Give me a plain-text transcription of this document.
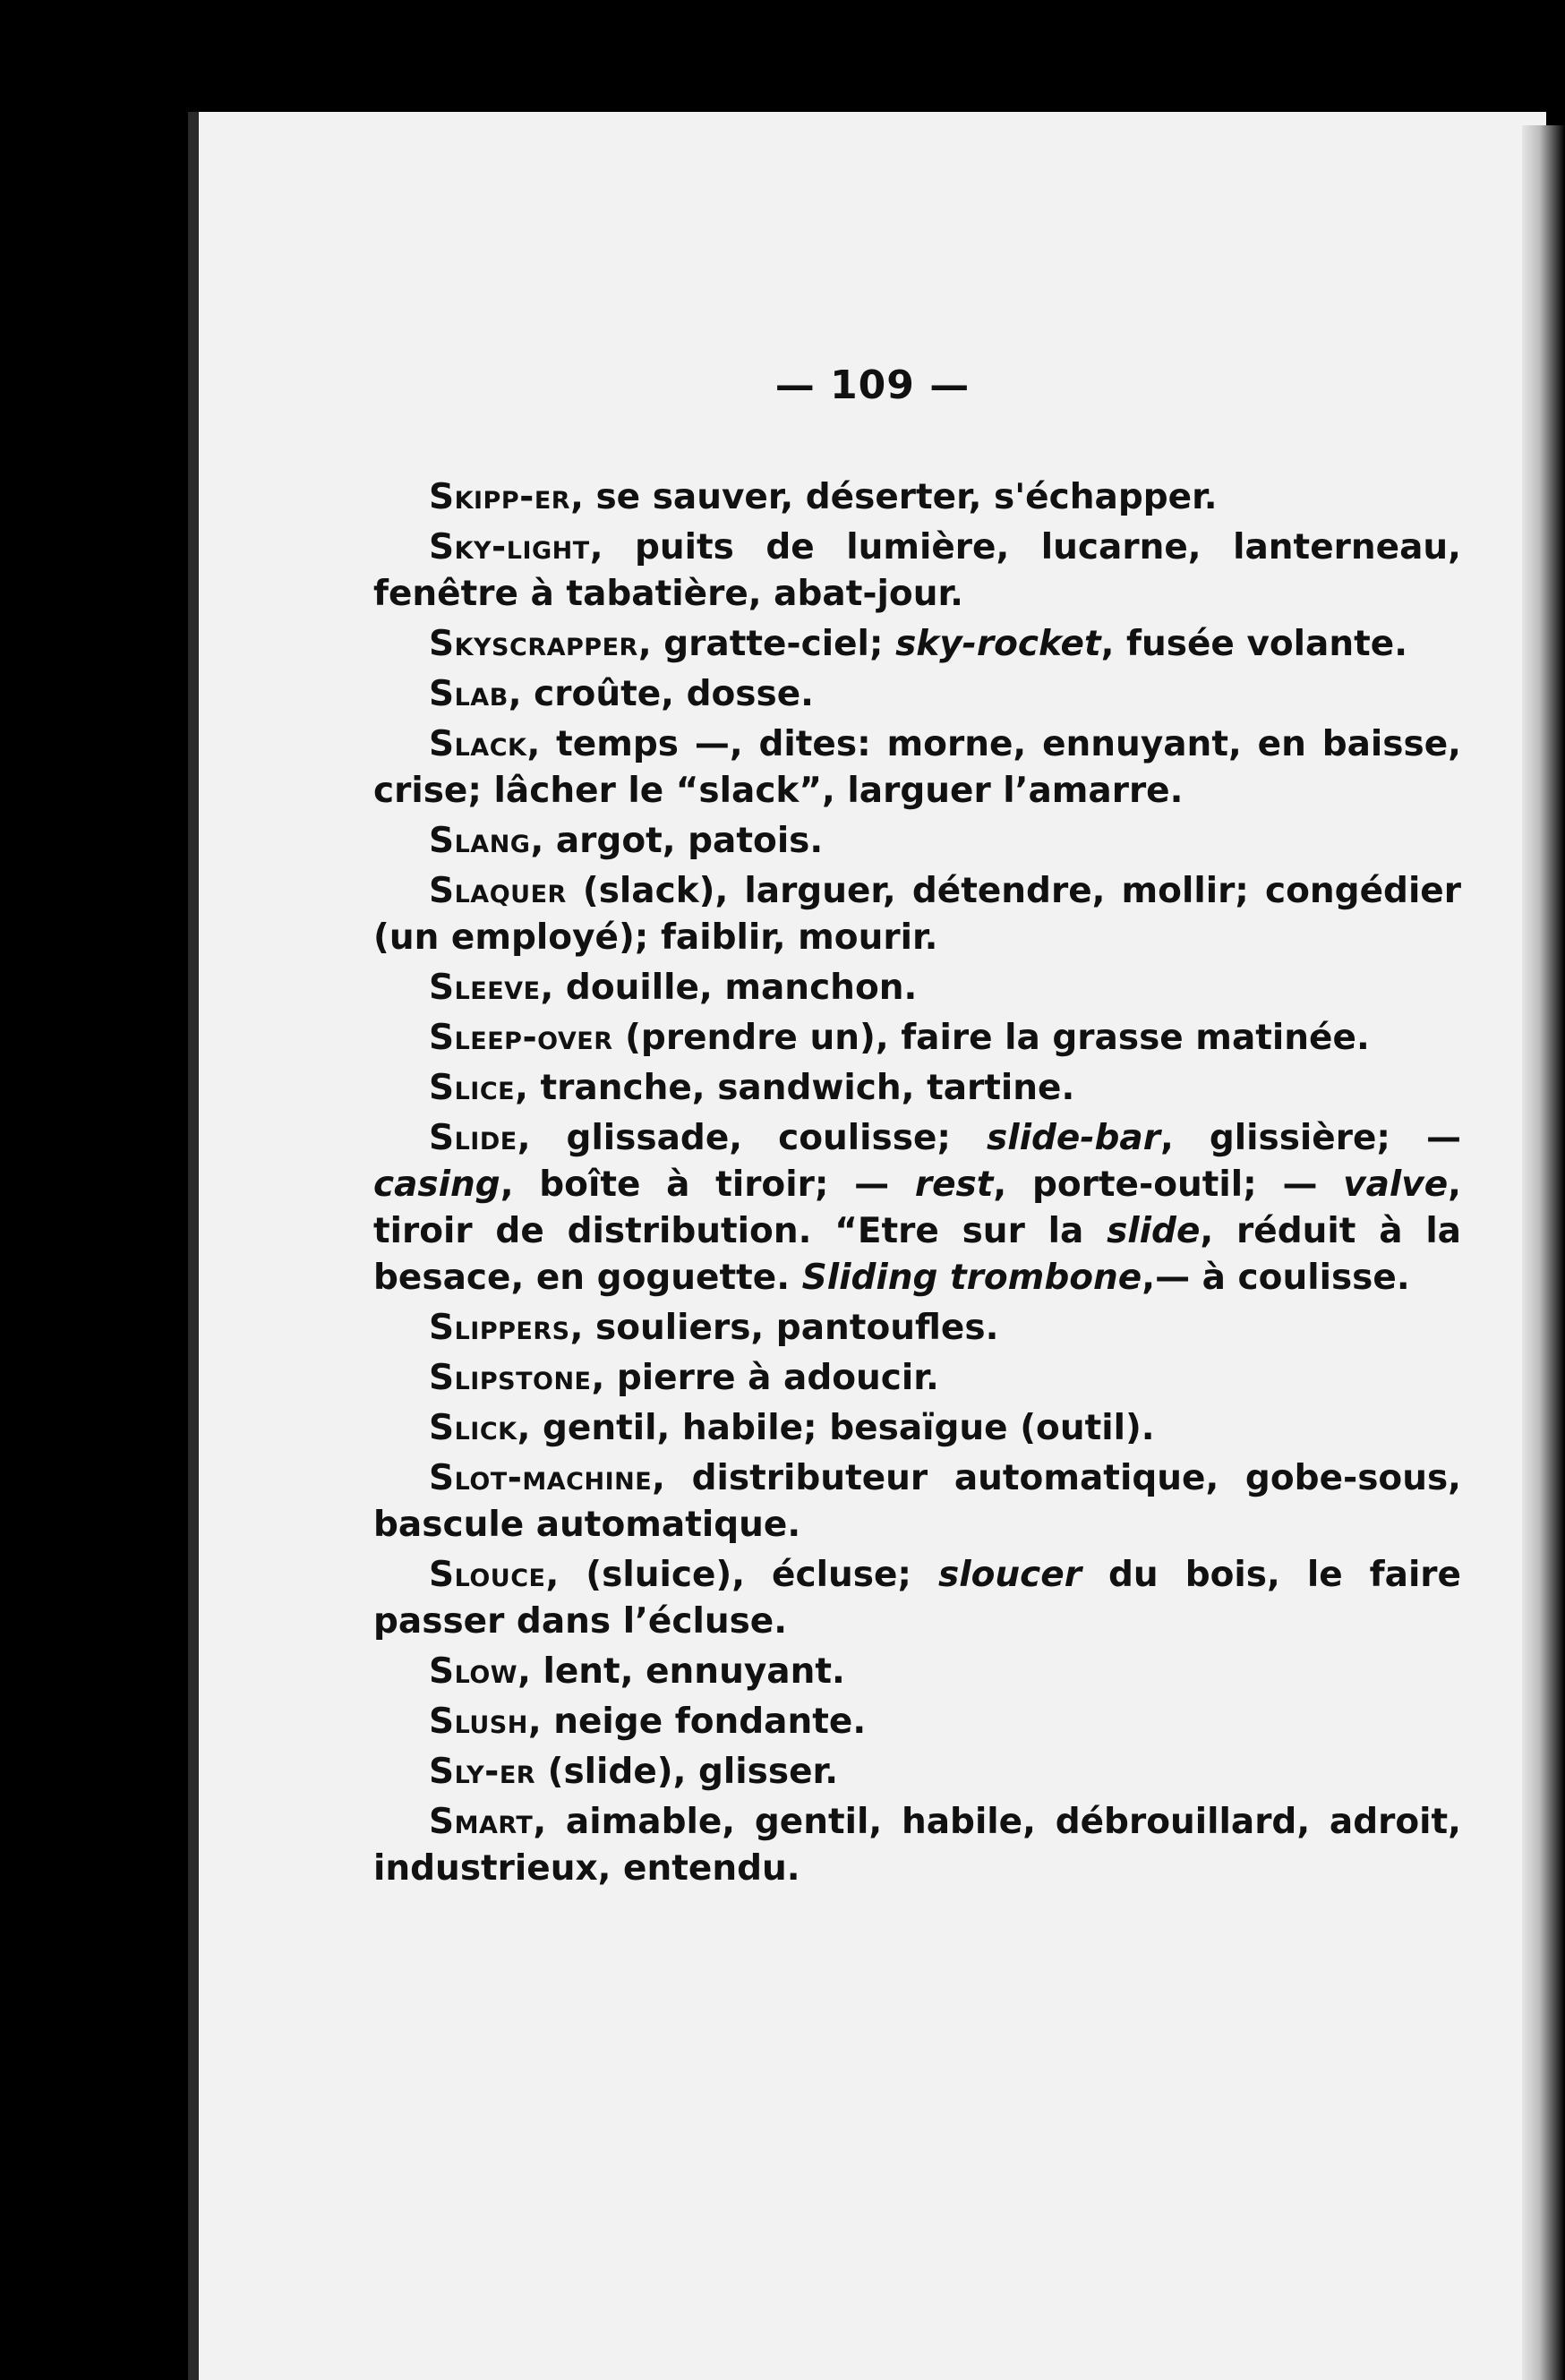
— 109 —

Skipp-er, se sauver, déserter, s'échapper.

Sky-light, puits de lumière, lucarne, lanterneau, fenêtre à tabatière, abat-jour.

Skyscrapper, gratte-ciel; sky-rocket, fusée volante.

Slab, croûte, dosse.

Slack, temps —, dites: morne, ennuyant, en baisse, crise; lâcher le “slack”, larguer l’amarre.

Slang, argot, patois.

Slaquer (slack), larguer, détendre, mollir; congédier (un employé); faiblir, mourir.

Sleeve, douille, manchon.

Sleep-over (prendre un), faire la grasse matinée.

Slice, tranche, sandwich, tartine.

Slide, glissade, coulisse; slide-bar, glissière; — casing, boîte à tiroir; — rest, porte-outil; — valve, tiroir de distribution. “Etre sur la slide, réduit à la besace, en goguette. Sliding trombone,— à coulisse.

Slippers, souliers, pantoufles.

Slipstone, pierre à adoucir.

Slick, gentil, habile; besaïgue (outil).

Slot-machine, distributeur automatique, gobe-sous, bascule automatique.

Slouce, (sluice), écluse; sloucer du bois, le faire passer dans l’écluse.

Slow, lent, ennuyant.

Slush, neige fondante.

Sly-er (slide), glisser.

Smart, aimable, gentil, habile, débrouillard, adroit, industrieux, entendu.
